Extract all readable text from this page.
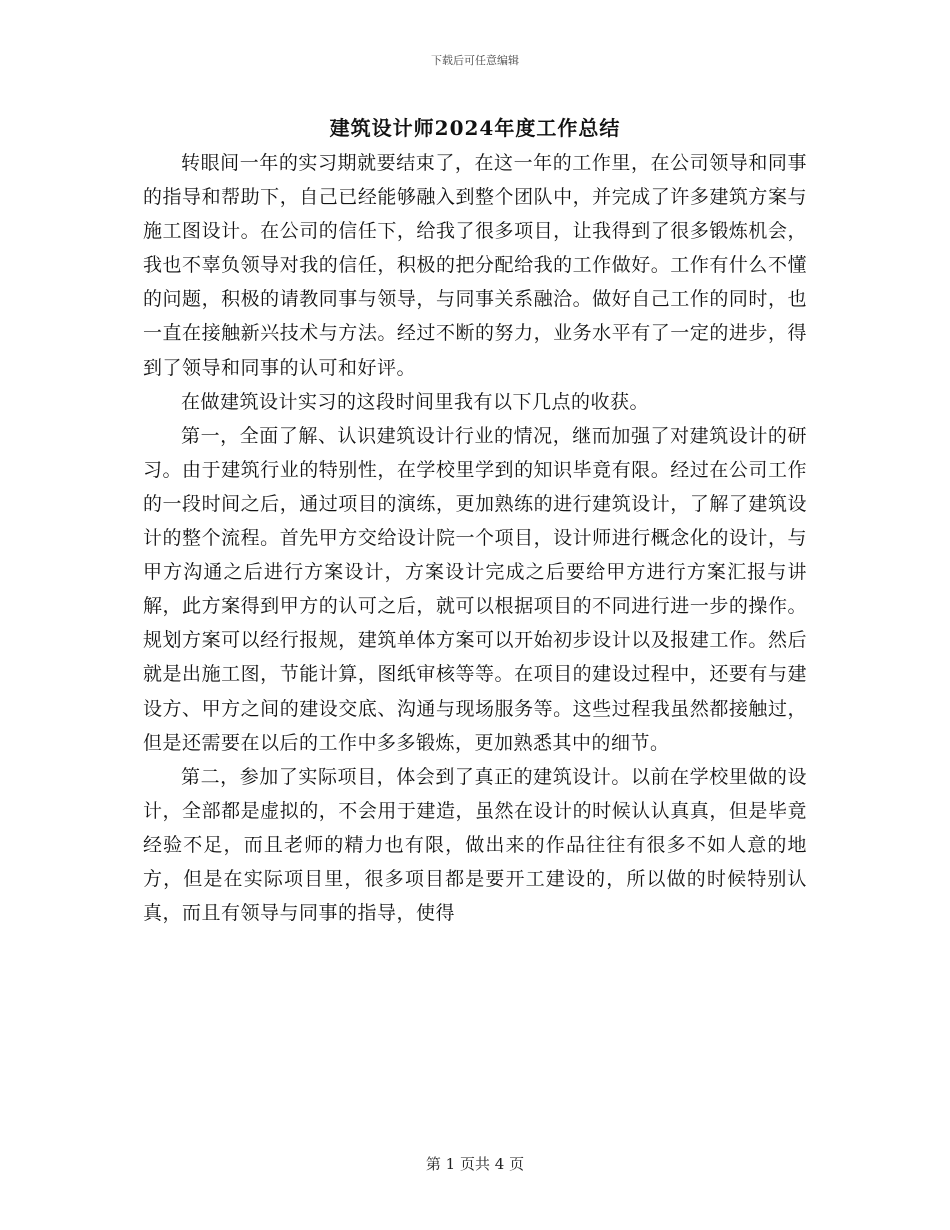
下载后可任意编辑
建筑设计师2024年度工作总结

转眼间一年的实习期就要结束了，在这一年的工作里，在公司领导和同事的指导和帮助下，自己已经能够融入到整个团队中，并完成了许多建筑方案与施工图设计。在公司的信任下，给我了很多项目，让我得到了很多锻炼机会，我也不辜负领导对我的信任，积极的把分配给我的工作做好。工作有什么不懂的问题，积极的请教同事与领导，与同事关系融洽。做好自己工作的同时，也一直在接触新兴技术与方法。经过不断的努力，业务水平有了一定的进步，得到了领导和同事的认可和好评。

在做建筑设计实习的这段时间里我有以下几点的收获。

第一，全面了解、认识建筑设计行业的情况，继而加强了对建筑设计的研习。由于建筑行业的特别性，在学校里学到的知识毕竟有限。经过在公司工作的一段时间之后，通过项目的演练，更加熟练的进行建筑设计，了解了建筑设计的整个流程。首先甲方交给设计院一个项目，设计师进行概念化的设计，与甲方沟通之后进行方案设计，方案设计完成之后要给甲方进行方案汇报与讲解，此方案得到甲方的认可之后，就可以根据项目的不同进行进一步的操作。规划方案可以经行报规，建筑单体方案可以开始初步设计以及报建工作。然后就是出施工图，节能计算，图纸审核等等。在项目的建设过程中，还要有与建设方、甲方之间的建设交底、沟通与现场服务等。这些过程我虽然都接触过，但是还需要在以后的工作中多多锻炼，更加熟悉其中的细节。

第二，参加了实际项目，体会到了真正的建筑设计。以前在学校里做的设计，全部都是虚拟的，不会用于建造，虽然在设计的时候认认真真，但是毕竟经验不足，而且老师的精力也有限，做出来的作品往往有很多不如人意的地方，但是在实际项目里，很多项目都是要开工建设的，所以做的时候特别认真，而且有领导与同事的指导，使得

第 1 页共 4 页
